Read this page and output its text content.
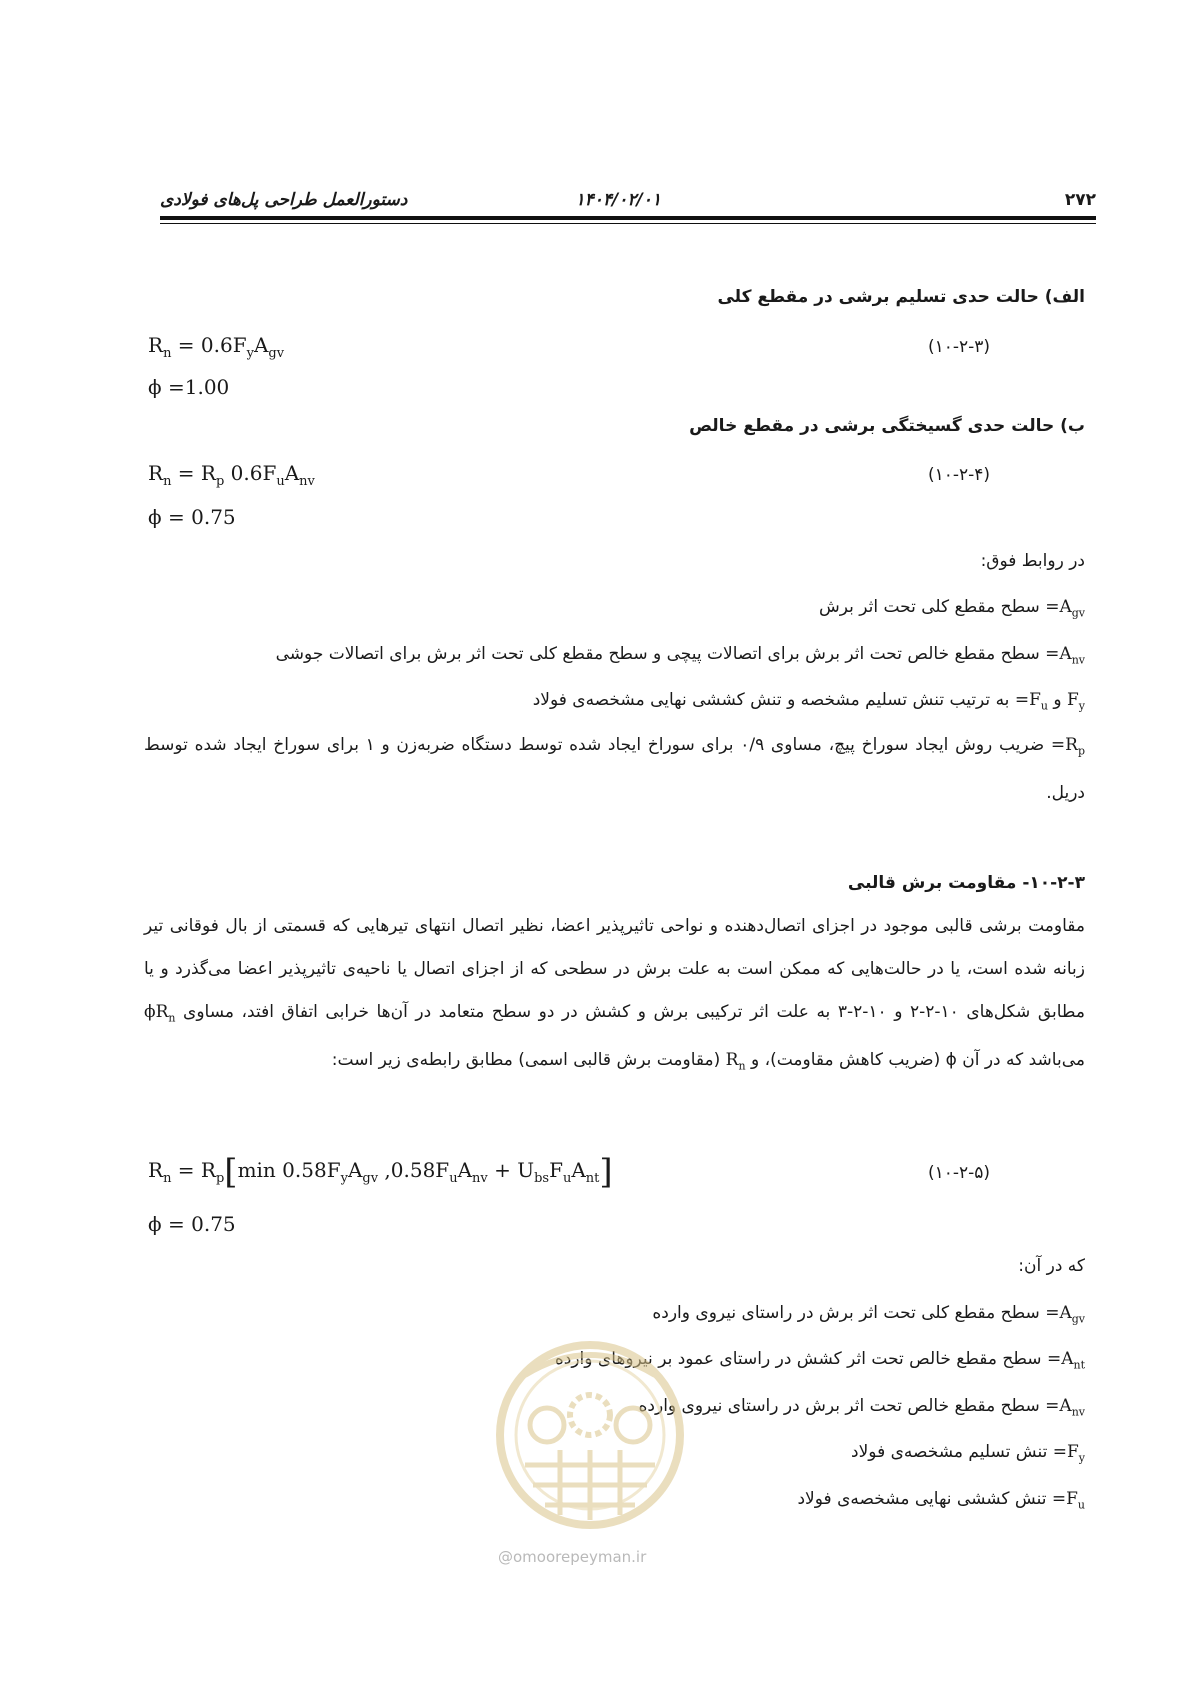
۲۷۲
۱۴۰۴/۰۲/۰۱
دستورالعمل طراحی پل‌های فولادی
الف) حالت حدی تسلیم برشی در مقطع کلی
$R_n = 0.6F_yA_{gv}$	(۱۰-۲-۳)
ϕ =1.00
ب) حالت حدی گسیختگی برشی در مقطع خالص
$R_n = R_p$ $0.6F_uA_{nv}$	(۱۰-۲-۴)
ϕ = 0.75
در روابط فوق:
$A_{gv}=$ سطح مقطع کلی تحت اثر برش
$A_{nv}=$ سطح مقطع خالص تحت اثر برش برای اتصالات پیچی و سطح مقطع کلی تحت اثر برش برای اتصالات جوشی
$F_y$ و $F_u=$ به ترتیب تنش تسلیم مشخصه و تنش کششی نهایی مشخصه‌ی فولاد
$R_p=$ ضریب روش ایجاد سوراخ پیچ، مساوی ۰/۹ برای سوراخ ایجاد شده توسط دستگاه ضربه‌زن و ۱ برای سوراخ ایجاد شده توسط دریل.
۱۰-۲-۳- مقاومت برش قالبی
مقاومت برشی قالبی موجود در اجزای اتصال‌دهنده و نواحی تاثیرپذیر اعضا، نظیر اتصال انتهای تیرهایی که قسمتی از بال فوقانی تیر زبانه شده است، یا در حالت‌هایی که ممکن است به علت برش در سطحی که از اجزای اتصال یا ناحیه‌ی تاثیرپذیر اعضا می‌گذرد و یا مطابق شکل‌های ۱۰-۲-۲ و ۱۰-۲-۳ به علت اثر ترکیبی برش و کشش در دو سطح متعامد در آن‌ها خرابی اتفاق افتد، مساوی $\phi R_n$ می‌باشد که در آن ϕ (ضریب کاهش مقاومت)، و $R_n$ (مقاومت برش قالبی اسمی) مطابق رابطه‌ی زیر است:
$R_n = R_p[\min$ $0.58F_yA_{gv}$ $,0.58F_uA_{nv} + U_{bs}F_uA_{nt}$]	(۱۰-۲-۵)
ϕ = 0.75
که در آن:
$A_{gv}=$ سطح مقطع کلی تحت اثر برش در راستای نیروی وارده
$A_{nt}=$ سطح مقطع خالص تحت اثر کشش در راستای عمود بر نیروهای وارده
$A_{nv}=$ سطح مقطع خالص تحت اثر برش در راستای نیروی وارده
$F_y=$ تنش تسلیم مشخصه‌ی فولاد
$F_u=$ تنش کششی نهایی مشخصه‌ی فولاد
@omoorepeyman.ir
